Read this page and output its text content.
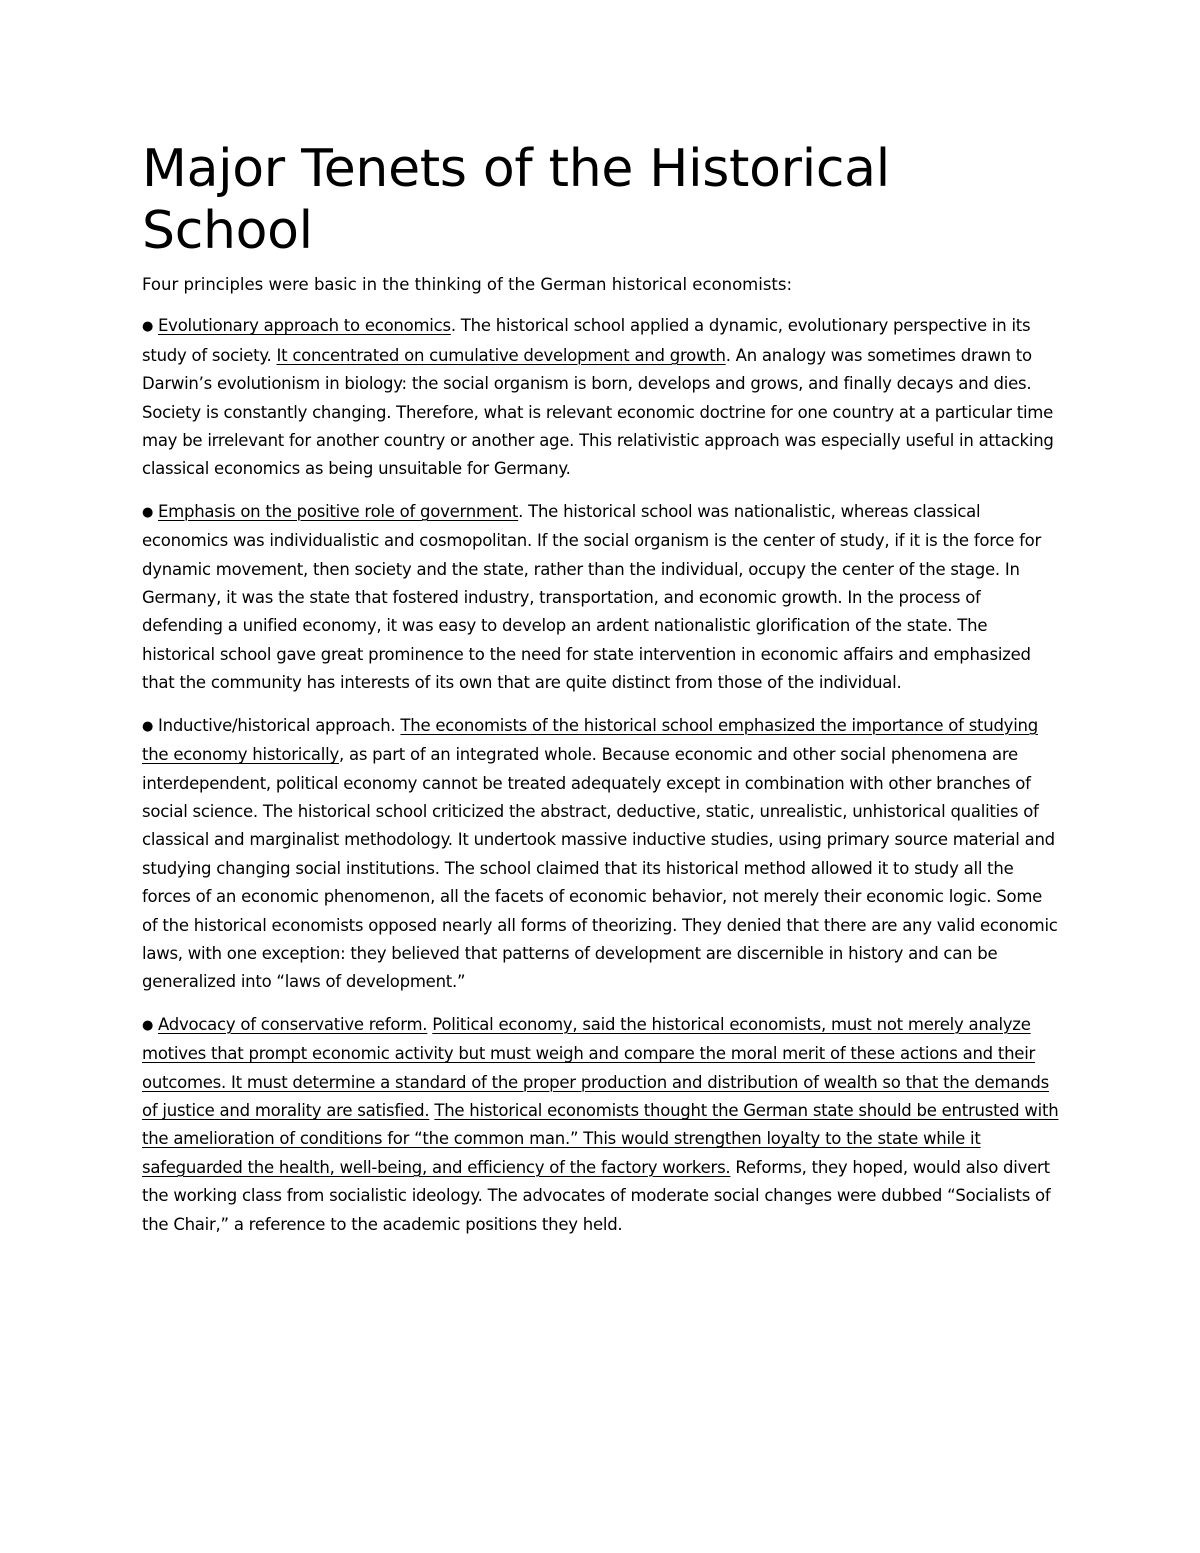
Major Tenets of the Historical School

Four principles were basic in the thinking of the German historical economists:

● Evolutionary approach to economics. The historical school applied a dynamic, evolutionary perspective in its study of society. It concentrated on cumulative development and growth. An analogy was sometimes drawn to Darwin’s evolutionism in biology: the social organism is born, develops and grows, and finally decays and dies. Society is constantly changing. Therefore, what is relevant economic doctrine for one country at a particular time may be irrelevant for another country or another age. This relativistic approach was especially useful in attacking classical economics as being unsuitable for Germany.

● Emphasis on the positive role of government. The historical school was nationalistic, whereas classical economics was individualistic and cosmopolitan. If the social organism is the center of study, if it is the force for dynamic movement, then society and the state, rather than the individual, occupy the center of the stage. In Germany, it was the state that fostered industry, transportation, and economic growth. In the process of defending a unified economy, it was easy to develop an ardent nationalistic glorification of the state. The historical school gave great prominence to the need for state intervention in economic affairs and emphasized that the community has interests of its own that are quite distinct from those of the individual.

● Inductive/historical approach. The economists of the historical school emphasized the importance of studying the economy historically, as part of an integrated whole. Because economic and other social phenomena are interdependent, political economy cannot be treated adequately except in combination with other branches of social science. The historical school criticized the abstract, deductive, static, unrealistic, unhistorical qualities of classical and marginalist methodology. It undertook massive inductive studies, using primary source material and studying changing social institutions. The school claimed that its historical method allowed it to study all the forces of an economic phenomenon, all the facets of economic behavior, not merely their economic logic. Some of the historical economists opposed nearly all forms of theorizing. They denied that there are any valid economic laws, with one exception: they believed that patterns of development are discernible in history and can be generalized into “laws of development.”

● Advocacy of conservative reform. Political economy, said the historical economists, must not merely analyze motives that prompt economic activity but must weigh and compare the moral merit of these actions and their outcomes. It must determine a standard of the proper production and distribution of wealth so that the demands of justice and morality are satisfied. The historical economists thought the German state should be entrusted with the amelioration of conditions for “the common man.” This would strengthen loyalty to the state while it safeguarded the health, well-being, and efficiency of the factory workers. Reforms, they hoped, would also divert the working class from socialistic ideology. The advocates of moderate social changes were dubbed “Socialists of the Chair,” a reference to the academic positions they held.
